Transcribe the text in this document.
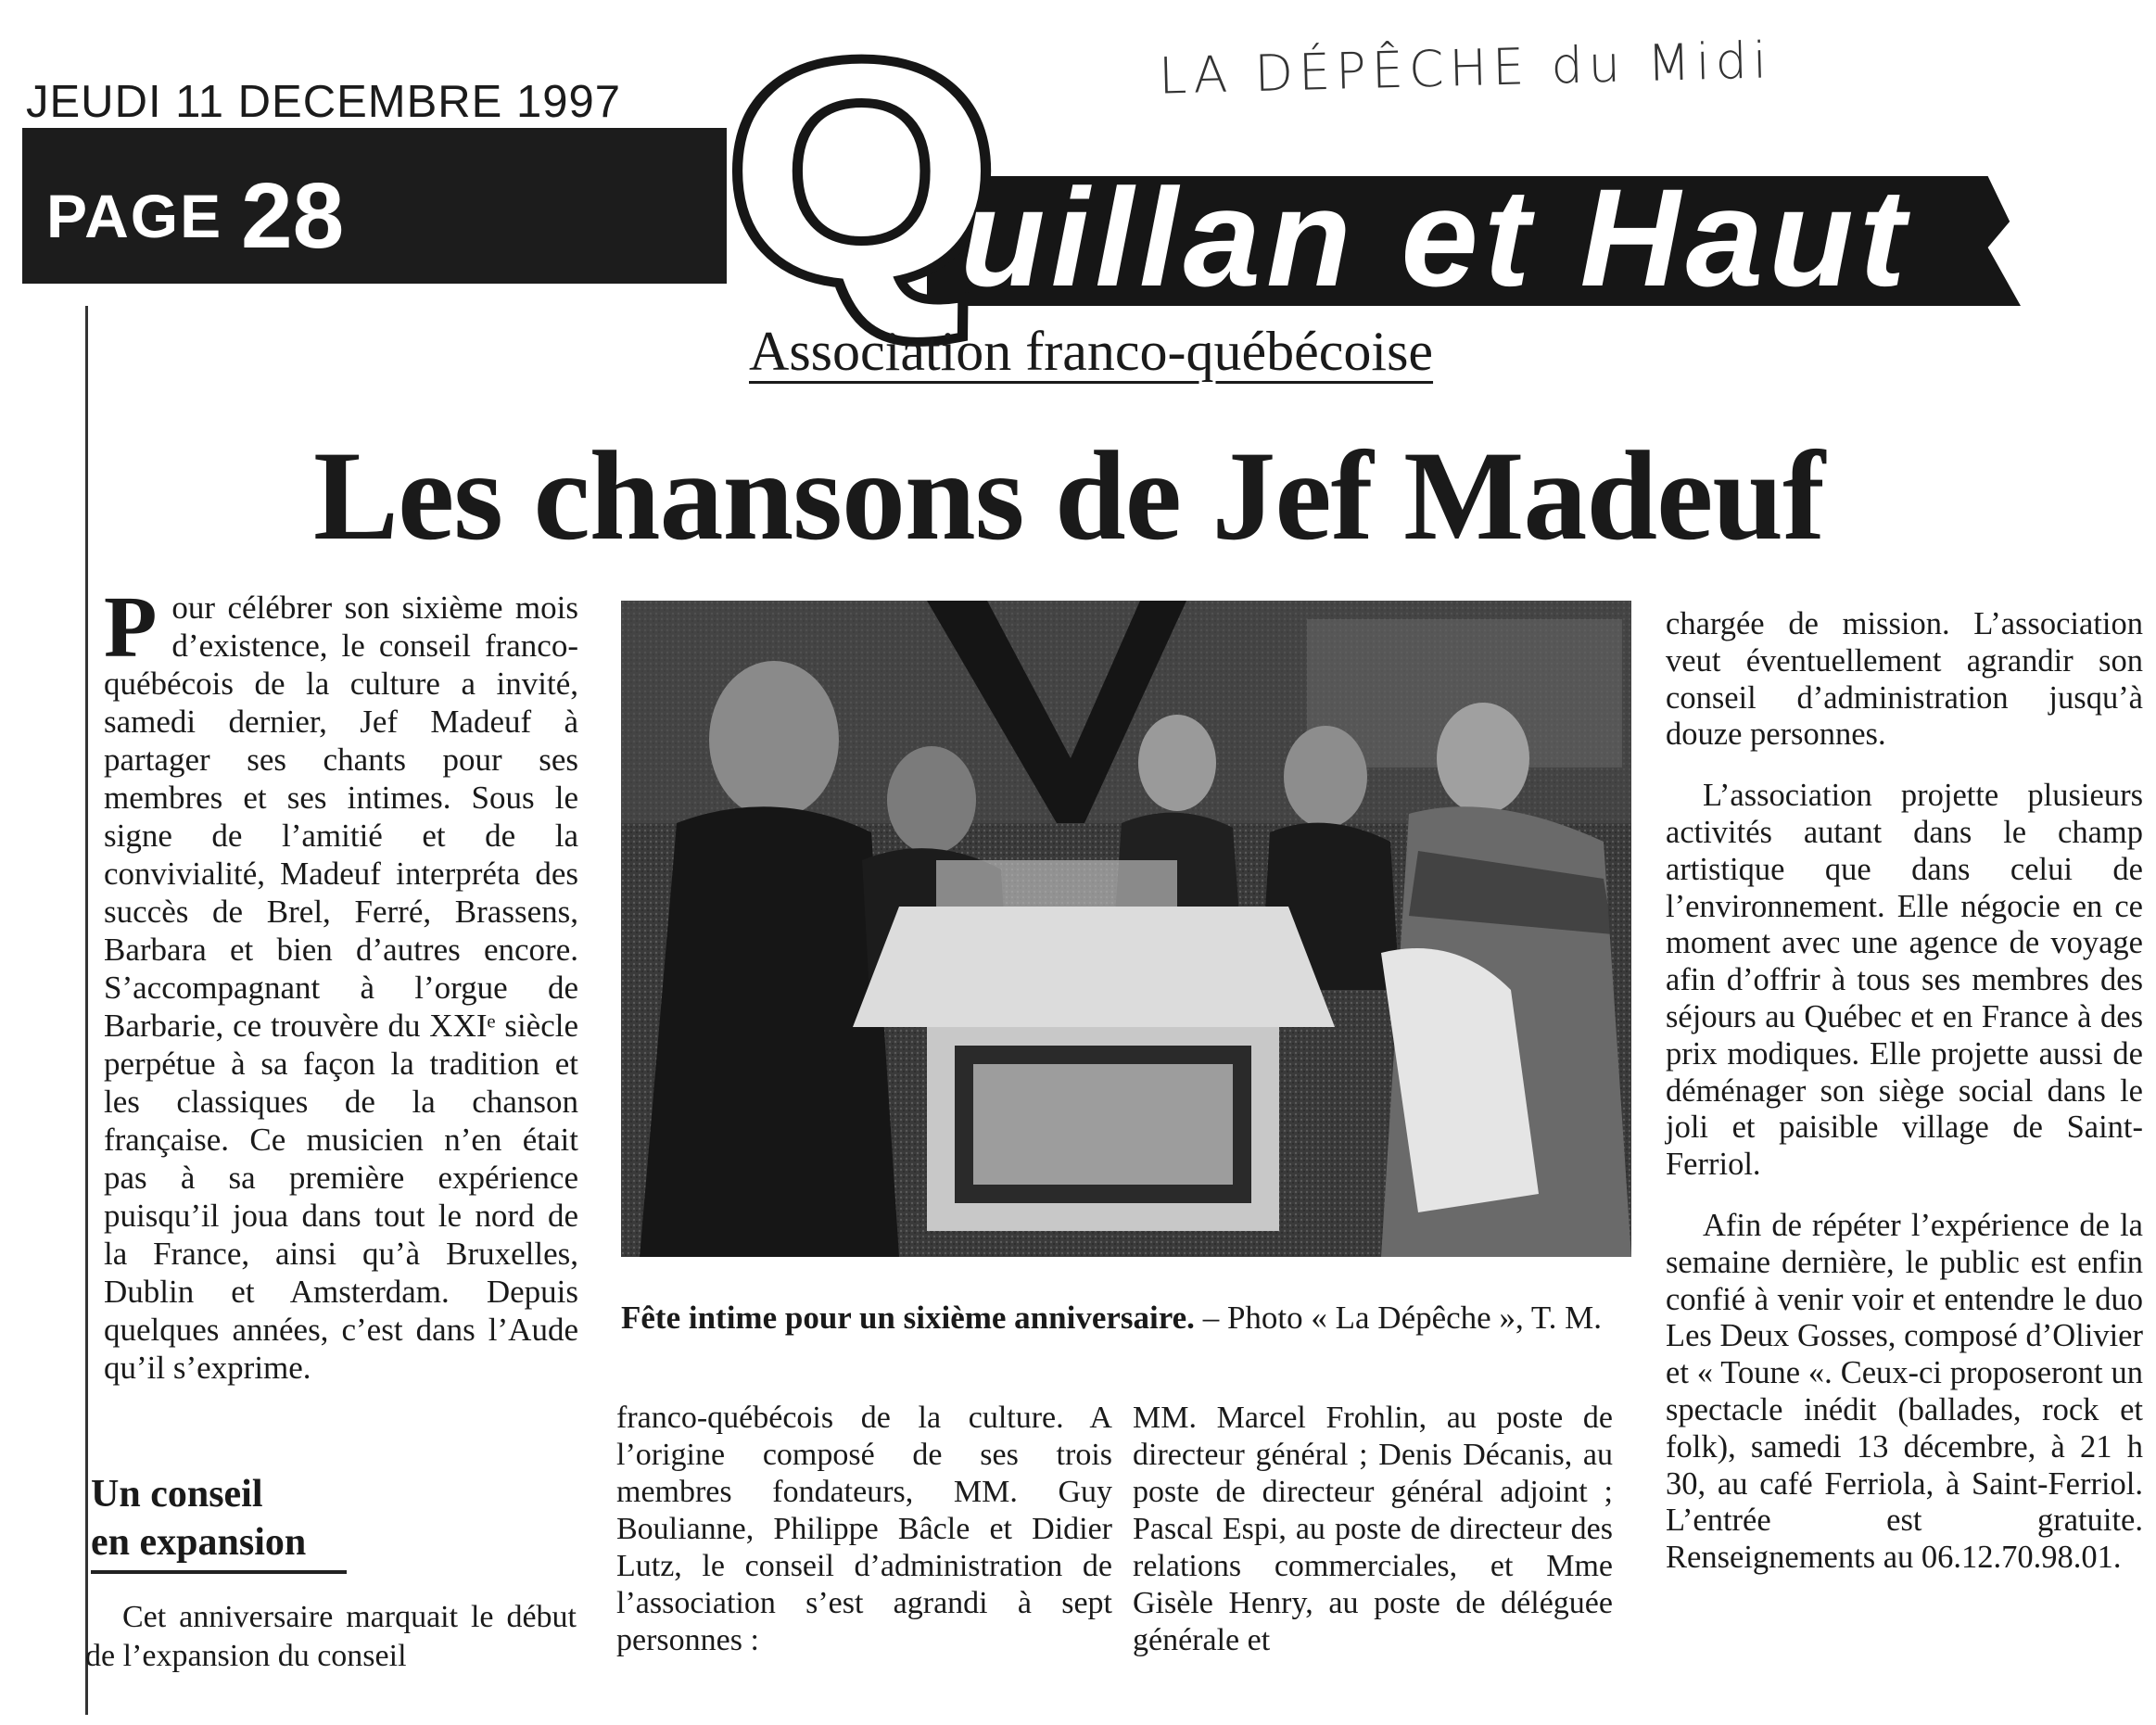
JEUDI 11 DECEMBRE 1997	LA DÉPÊCHE du Midi
PAGE 28 Q
uillan et Haut
Association franco-québécoise
Les chansons de Jef Madeuf
P our célébrer son sixième mois d’existence, le conseil franco-québécois de la culture a invité, samedi dernier, Jef Madeuf à partager ses chants pour ses membres et ses intimes. Sous le signe de l’amitié et de la convivialité, Madeuf interpréta des succès de Brel, Ferré, Brassens, Barbara et bien d’autres encore. S’accompagnant à l’orgue de Barbarie, ce trouvère du XXIᵉ siècle perpétue à sa façon la tradition et les classiques de la chanson française. Ce musicien n’en était pas à sa première expérience puisqu’il joua dans tout le nord de la France, ainsi qu’à Bruxelles, Dublin et Amsterdam. Depuis quelques années, c’est dans l’Aude qu’il s’exprime.
Un conseil
en expansion
Cet anniversaire marquait le début de l’expansion du conseil
Fête intime pour un sixième anniversaire. – Photo « La Dépêche », T. M.
franco-québécois de la culture. A l’origine composé de ses trois membres fondateurs, MM. Guy Boulianne, Philippe Bâcle et Didier Lutz, le conseil d’administration de l’association s’est agrandi à sept personnes :
MM. Marcel Frohlin, au poste de directeur général ; Denis Décanis, au poste de directeur général adjoint ; Pascal Espi, au poste de directeur des relations commerciales, et Mme Gisèle Henry, au poste de déléguée générale et

chargée de mission. L’association veut éventuellement agrandir son conseil d’administration jusqu’à douze personnes.

L’association projette plusieurs activités autant dans le champ artistique que dans celui de l’environnement. Elle négocie en ce moment avec une agence de voyage afin d’offrir à tous ses membres des séjours au Québec et en France à des prix modiques. Elle projette aussi de déménager son siège social dans le joli et paisible village de Saint-Ferriol.

Afin de répéter l’expérience de la semaine dernière, le public est enfin confié à venir voir et entendre le duo Les Deux Gosses, composé d’Olivier et « Toune «. Ceux-ci proposeront un spectacle inédit (ballades, rock et folk), samedi 13 décembre, à 21 h 30, au café Ferriola, à Saint-Ferriol. L’entrée est gratuite. Renseignements au 06.12.70.98.01.
